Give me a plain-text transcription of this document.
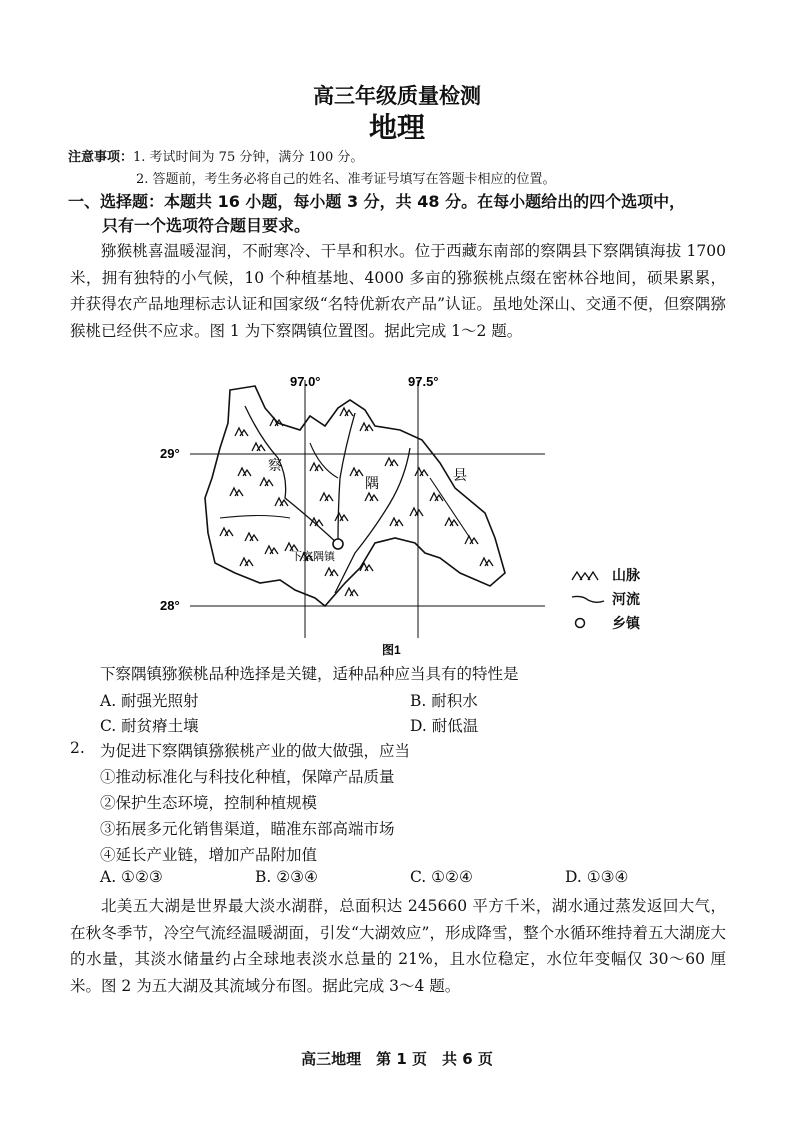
高三年级质量检测
地理
注意事项：1. 考试时间为 75 分钟，满分 100 分。
2. 答题前，考生务必将自己的姓名、准考证号填写在答题卡相应的位置。
一、选择题：本题共 16 小题，每小题 3 分，共 48 分。在每小题给出的四个选项中，
只有一个选项符合题目要求。
猕猴桃喜温暖湿润，不耐寒冷、干旱和积水。位于西藏东南部的察隅县下察隅镇海拔 1700 米，拥有独特的小气候，10 个种植基地、4000 多亩的猕猴桃点缀在密林谷地间，硕果累累，并获得农产品地理标志认证和国家级“名特优新农产品”认证。虽地处深山、交通不便，但察隅猕猴桃已经供不应求。图 1 为下察隅镇位置图。据此完成 1～2 题。
97.0°	97.5°
29°
28°
察
隅	县
下察隅镇
图1
山脉
河流
乡镇
下察隅镇猕猴桃品种选择是关键，适种品种应当具有的特性是
A. 耐强光照射	B. 耐积水
C. 耐贫瘠土壤	D. 耐低温
2. 为促进下察隅镇猕猴桃产业的做大做强，应当
①推动标准化与科技化种植，保障产品质量
②保护生态环境，控制种植规模
③拓展多元化销售渠道，瞄准东部高端市场
④延长产业链，增加产品附加值
A. ①②③	B. ②③④	C. ①②④	D. ①③④
北美五大湖是世界最大淡水湖群，总面积达 245660 平方千米，湖水通过蒸发返回大气，在秋冬季节，冷空气流经温暖湖面，引发“大湖效应”，形成降雪，整个水循环维持着五大湖庞大的水量，其淡水储量约占全球地表淡水总量的 21%，且水位稳定，水位年变幅仅 30～60 厘米。图 2 为五大湖及其流域分布图。据此完成 3～4 题。
高三地理　第 1 页　共 6 页
